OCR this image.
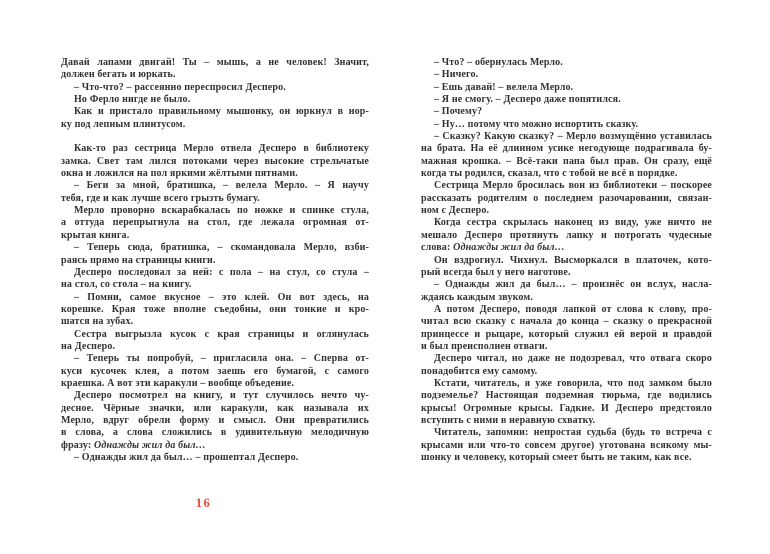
Давай лапами двигай! Ты – мышь, а не человек! Значит,
должен бегать и юркать.
– Что-что? – рассеянно переспросил Десперо.
Но Ферло нигде не было.
Как и пристало правильному мышонку, он юркнул в нор-
ку под лепным плинтусом.
Как-то раз сестрица Мерло отвела Десперо в библиотеку
замка. Свет там лился потоками через высокие стрельчатые
окна и ложился на пол яркими жёлтыми пятнами.
– Беги за мной, братишка, – велела Мерло. – Я научу
тебя, где и как лучше всего грызть бумагу.
Мерло проворно вскарабкалась по ножке и спинке стула,
а оттуда перепрыгнула на стол, где лежала огромная от-
крытая книга.
– Теперь сюда, братишка, – скомандовала Мерло, взби-
раясь прямо на страницы книги.
Десперо последовал за ней: с пола – на стул, со стула –
на стол, со стола – на книгу.
– Помни, самое вкусное – это клей. Он вот здесь, на
корешке. Края тоже вполне съедобны, они тонкие и кро-
шатся на зубах.
Сестра выгрызла кусок с края страницы и оглянулась
на Десперо.
– Теперь ты попробуй, – пригласила она. – Сперва от-
куси кусочек клея, а потом заешь его бумагой, с самого
краешка. А вот эти каракули – вообще объедение.
Десперо посмотрел на книгу, и тут случилось нечто чу-
десное. Чёрные значки, или каракули, как называла их
Мерло, вдруг обрели форму и смысл. Они превратились
в слова, а слова сложились в удивительную мелодичную
фразу: Однажды жил да был…
– Однажды жил да был… – прошептал Десперо.
– Что? – обернулась Мерло.
– Ничего.
– Ешь давай! – велела Мерло.
– Я не смогу. – Десперо даже попятился.
– Почему?
– Ну… потому что можно испортить сказку.
– Сказку? Какую сказку? – Мерло возмущённо уставилась
на брата. На её длинном усике негодующе подрагивала бу-
мажная крошка. – Всё-таки папа был прав. Он сразу, ещё
когда ты родился, сказал, что с тобой не всё в порядке.
Сестрица Мерло бросилась вон из библиотеки – поскорее
рассказать родителям о последнем разочаровании, связан-
ном с Десперо.
Когда сестра скрылась наконец из виду, уже ничто не
мешало Десперо протянуть лапку и потрогать чудесные
слова: Однажды жил да был…
Он вздрогнул. Чихнул. Высморкался в платочек, кото-
рый всегда был у него наготове.
– Однажды жил да был… – произнёс он вслух, насла-
ждаясь каждым звуком.
А потом Десперо, поводя лапкой от слова к слову, про-
читал всю сказку с начала до конца – сказку о прекрасной
принцессе и рыцаре, который служил ей верой и правдой
и был преисполнен отваги.
Десперо читал, но даже не подозревал, что отвага скоро
понадобится ему самому.
Кстати, читатель, я уже говорила, что под замком было
подземелье? Настоящая подземная тюрьма, где водились
крысы! Огромные крысы. Гадкие. И Десперо предстояло
вступить с ними в неравную схватку.
Читатель, запомни: непростая судьба (будь то встреча с
крысами или что-то совсем другое) уготована всякому мы-
шонку и человеку, который смеет быть не таким, как все.
16
